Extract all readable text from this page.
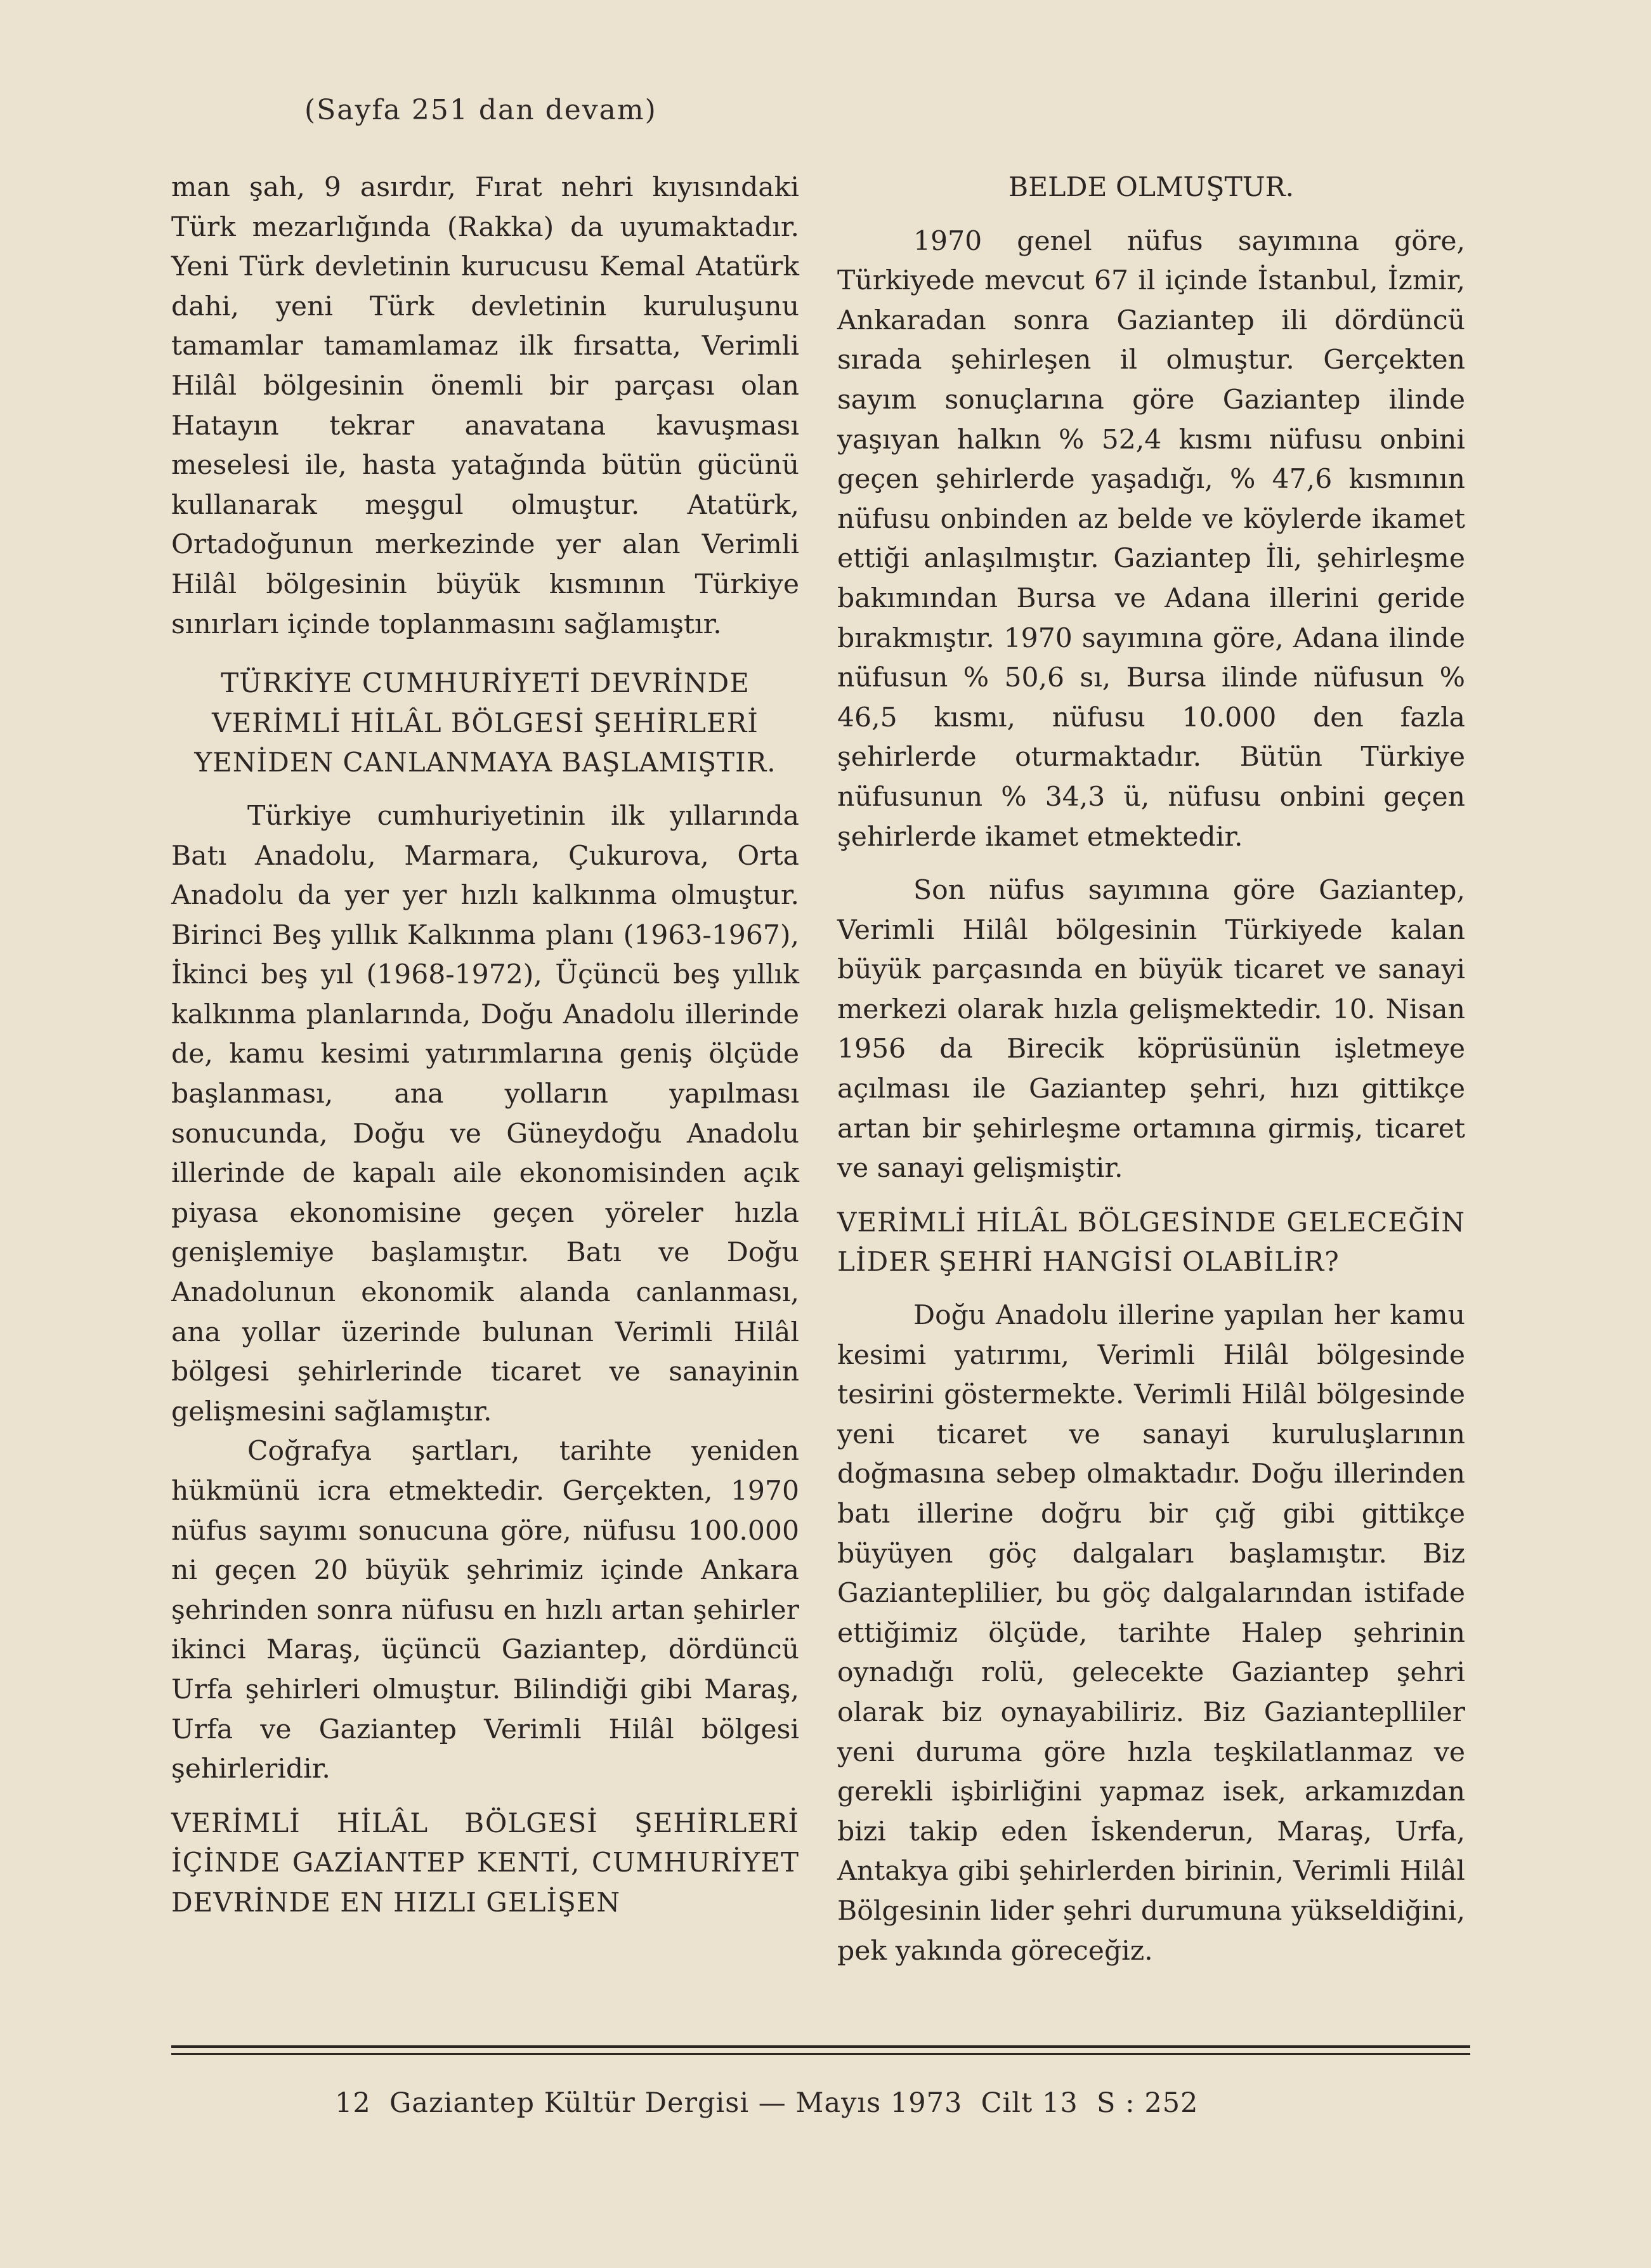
(Sayfa 251 dan devam)

man şah, 9 asırdır, Fırat nehri kıyısındaki Türk mezarlığında (Rakka) da uyumaktadır. Yeni Türk devletinin kurucusu Kemal Atatürk dahi, yeni Türk devletinin kuruluşunu tamamlar tamamlamaz ilk fırsatta, Verimli Hilâl bölgesinin önemli bir parçası olan Hatayın tekrar anavatana kavuşması meselesi ile, hasta yatağında bütün gücünü kullanarak meşgul olmuştur. Atatürk, Ortadoğunun merkezinde yer alan Verimli Hilâl bölgesinin büyük kısmının Türkiye sınırları içinde toplanmasını sağlamıştır.

TÜRKİYE CUMHURİYETİ DEVRİNDE VERİMLİ HİLÂL BÖLGESİ ŞEHİRLERİ YENİDEN CANLANMAYA BAŞLAMIŞTIR.

Türkiye cumhuriyetinin ilk yıllarında Batı Anadolu, Marmara, Çukurova, Orta Anadolu da yer yer hızlı kalkınma olmuştur. Birinci Beş yıllık Kalkınma planı (1963-1967), İkinci beş yıl (1968-1972), Üçüncü beş yıllık kalkınma planlarında, Doğu Anadolu illerinde de, kamu kesimi yatırımlarına geniş ölçüde başlanması, ana yolların yapılması sonucunda, Doğu ve Güneydoğu Anadolu illerinde de kapalı aile ekonomisinden açık piyasa ekonomisine geçen yöreler hızla genişlemiye başlamıştır. Batı ve Doğu Anadolunun ekonomik alanda canlanması, ana yollar üzerinde bulunan Verimli Hilâl bölgesi şehirlerinde ticaret ve sanayinin gelişmesini sağlamıştır.

Coğrafya şartları, tarihte yeniden hükmünü icra etmektedir. Gerçekten, 1970 nüfus sayımı sonucuna göre, nüfusu 100.000 ni geçen 20 büyük şehrimiz içinde Ankara şehrinden sonra nüfusu en hızlı artan şehirler ikinci Maraş, üçüncü Gaziantep, dördüncü Urfa şehirleri olmuştur. Bilindiği gibi Maraş, Urfa ve Gaziantep Verimli Hilâl bölgesi şehirleridir.

VERİMLİ HİLÂL BÖLGESİ ŞEHİRLERİ İÇİNDE GAZİANTEP KENTİ, CUMHURİYET DEVRİNDE EN HIZLI GELİŞEN

BELDE OLMUŞTUR.

1970 genel nüfus sayımına göre, Türkiyede mevcut 67 il içinde İstanbul, İzmir, Ankaradan sonra Gaziantep ili dördüncü sırada şehirleşen il olmuştur. Gerçekten sayım sonuçlarına göre Gaziantep ilinde yaşıyan halkın % 52,4 kısmı nüfusu onbini geçen şehirlerde yaşadığı, % 47,6 kısmının nüfusu onbinden az belde ve köylerde ikamet ettiği anlaşılmıştır. Gaziantep İli, şehirleşme bakımından Bursa ve Adana illerini geride bırakmıştır. 1970 sayımına göre, Adana ilinde nüfusun % 50,6 sı, Bursa ilinde nüfusun % 46,5 kısmı, nüfusu 10.000 den fazla şehirlerde oturmaktadır. Bütün Türkiye nüfusunun % 34,3 ü, nüfusu onbini geçen şehirlerde ikamet etmektedir.

Son nüfus sayımına göre Gaziantep, Verimli Hilâl bölgesinin Türkiyede kalan büyük parçasında en büyük ticaret ve sanayi merkezi olarak hızla gelişmektedir. 10. Nisan 1956 da Birecik köprüsünün işletmeye açılması ile Gaziantep şehri, hızı gittikçe artan bir şehirleşme ortamına girmiş, ticaret ve sanayi gelişmiştir.

VERİMLİ HİLÂL BÖLGESİNDE GELECEĞİN LİDER ŞEHRİ HANGİSİ OLABİLİR?

Doğu Anadolu illerine yapılan her kamu kesimi yatırımı, Verimli Hilâl bölgesinde tesirini göstermekte. Verimli Hilâl bölgesinde yeni ticaret ve sanayi kuruluşlarının doğmasına sebep olmaktadır. Doğu illerinden batı illerine doğru bir çığ gibi gittikçe büyüyen göç dalgaları başlamıştır. Biz Gazianteplilier, bu göç dalgalarından istifade ettiğimiz ölçüde, tarihte Halep şehrinin oynadığı rolü, gelecekte Gaziantep şehri olarak biz oynayabiliriz. Biz Gazianteplliler yeni duruma göre hızla teşkilatlanmaz ve gerekli işbirliğini yapmaz isek, arkamızdan bizi takip eden İskenderun, Maraş, Urfa, Antakya gibi şehirlerden birinin, Verimli Hilâl Bölgesinin lider şehri durumuna yükseldiğini, pek yakında göreceğiz.

12  Gaziantep Kültür Dergisi — Mayıs 1973  Cilt 13  S : 252
